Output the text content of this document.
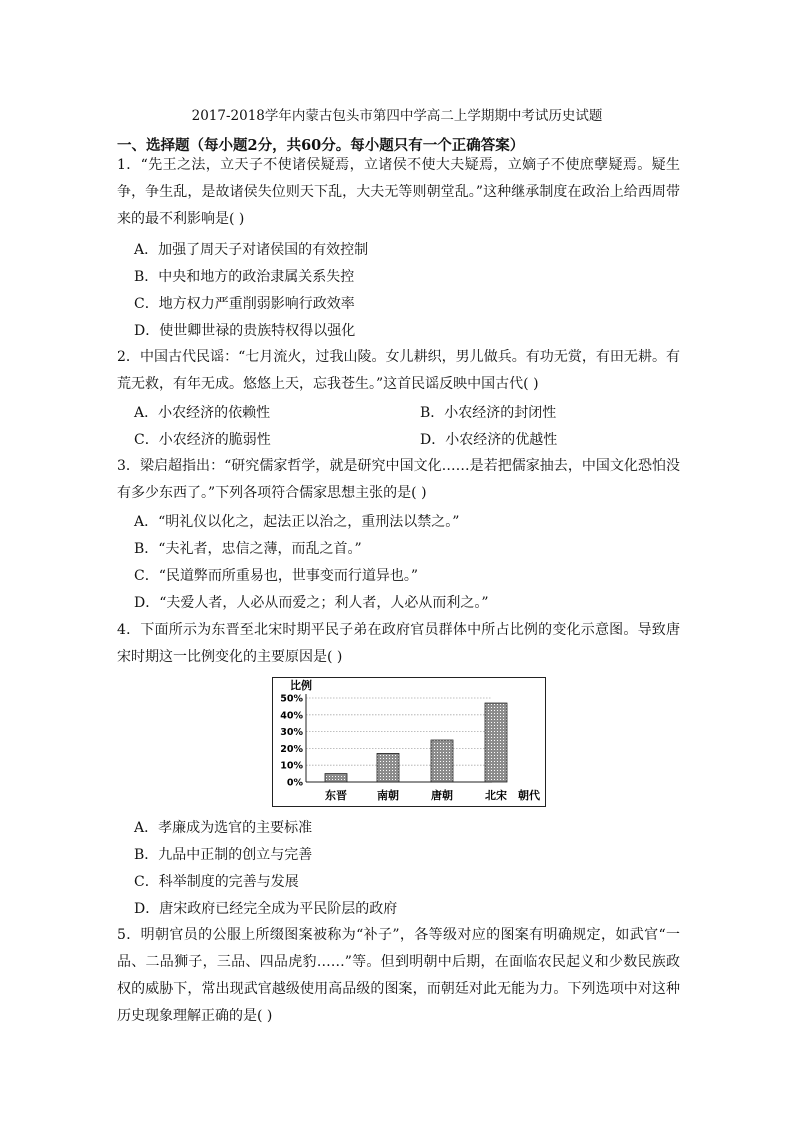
2017-2018学年内蒙古包头市第四中学高二上学期期中考试历史试题
一、选择题（每小题2分，共60分。每小题只有一个正确答案）
1．“先王之法，立天子不使诸侯疑焉，立诸侯不使大夫疑焉，立嫡子不使庶孽疑焉。疑生争，争生乱，是故诸侯失位则天下乱，大夫无等则朝堂乱。”这种继承制度在政治上给西周带来的最不利影响是( )
A．加强了周天子对诸侯国的有效控制
B．中央和地方的政治隶属关系失控
C．地方权力严重削弱影响行政效率
D．使世卿世禄的贵族特权得以强化
2．中国古代民谣：“七月流火，过我山陵。女儿耕织，男儿做兵。有功无赏，有田无耕。有荒无救，有年无成。悠悠上天，忘我苍生。”这首民谣反映中国古代( )
A．小农经济的依赖性	B．小农经济的封闭性
C．小农经济的脆弱性	D．小农经济的优越性
3．梁启超指出：“研究儒家哲学，就是研究中国文化……是若把儒家抽去，中国文化恐怕没有多少东西了。”下列各项符合儒家思想主张的是( )
A．“明礼仪以化之，起法正以治之，重刑法以禁之。”
B．“夫礼者，忠信之薄，而乱之首。”
C．“民道弊而所重易也，世事变而行道异也。”
D．“夫爱人者，人必从而爱之；利人者，人必从而利之。”
4．下面所示为东晋至北宋时期平民子弟在政府官员群体中所占比例的变化示意图。导致唐宋时期这一比例变化的主要原因是( )
比例
0%
10%
20%
30%
40%
50%
东晋	南朝	唐朝	北宋 朝代
A．孝廉成为选官的主要标准
B．九品中正制的创立与完善
C．科举制度的完善与发展
D．唐宋政府已经完全成为平民阶层的政府
5．明朝官员的公服上所缀图案被称为“补子”，各等级对应的图案有明确规定，如武官“一品、二品狮子，三品、四品虎豹……”等。但到明朝中后期，在面临农民起义和少数民族政权的威胁下，常出现武官越级使用高品级的图案，而朝廷对此无能为力。下列选项中对这种历史现象理解正确的是( )
